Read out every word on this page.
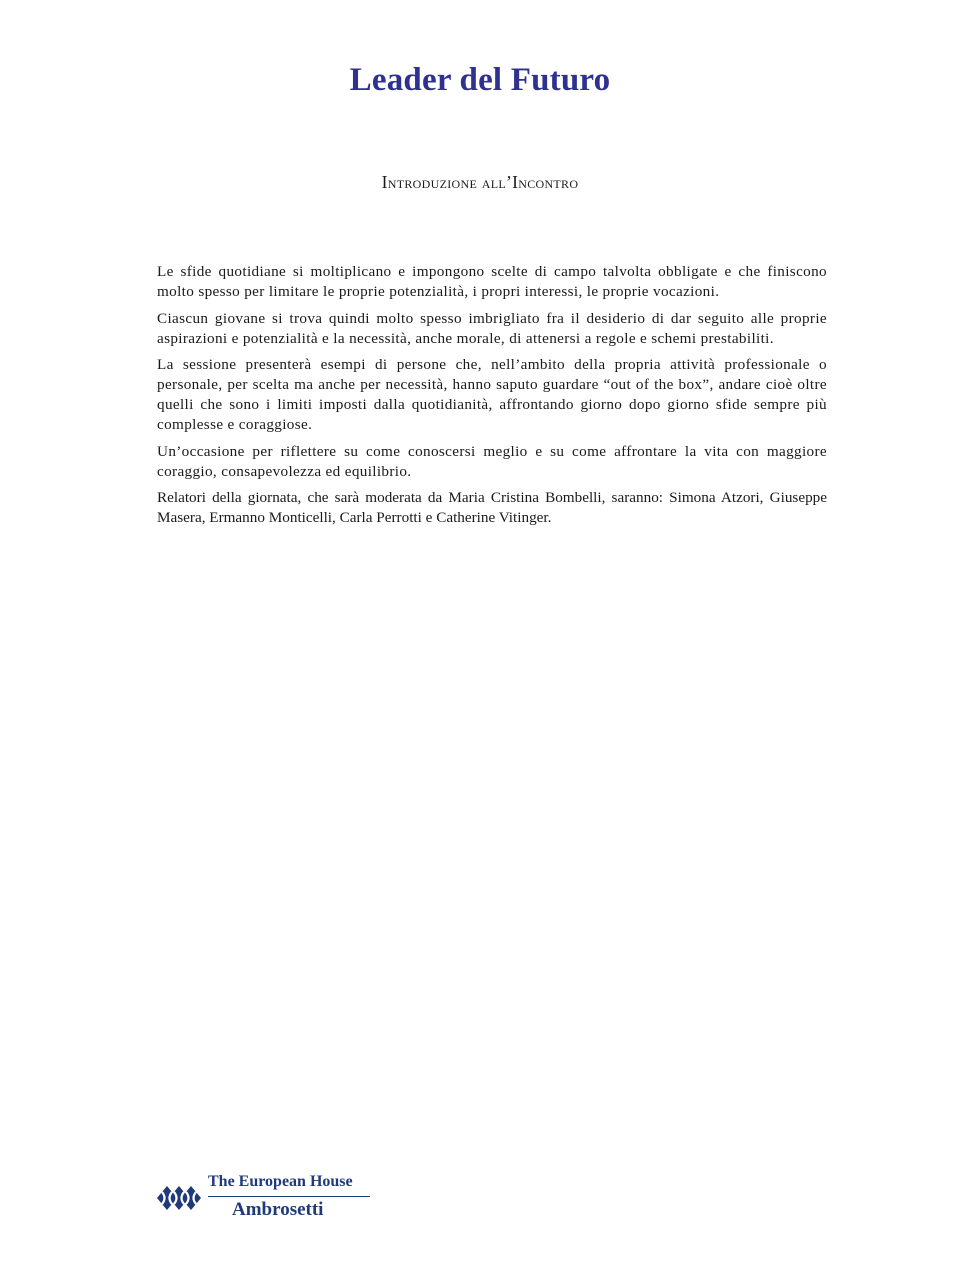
Leader del Futuro
Introduzione all’Incontro

Le sfide quotidiane si moltiplicano e impongono scelte di campo talvolta obbligate e che finiscono molto spesso per limitare le proprie potenzialità, i propri interessi, le proprie vocazioni.

Ciascun giovane si trova quindi molto spesso imbrigliato fra il desiderio di dar seguito alle proprie aspirazioni e potenzialità e la necessità, anche morale, di attenersi a regole e schemi prestabiliti.

La sessione presenterà esempi di persone che, nell’ambito della propria attività professionale o personale, per scelta ma anche per necessità, hanno saputo guardare “out of the box”, andare cioè oltre quelli che sono i limiti imposti dalla quotidianità, affrontando giorno dopo giorno sfide sempre più complesse e coraggiose.

Un’occasione per riflettere su come conoscersi meglio e su come affrontare la vita con maggiore coraggio, consapevolezza ed equilibrio.

Relatori della giornata, che sarà moderata da Maria Cristina Bombelli, saranno: Simona Atzori, Giuseppe Masera, Ermanno Monticelli, Carla Perrotti e Catherine Vitinger.

The European House
Ambrosetti
